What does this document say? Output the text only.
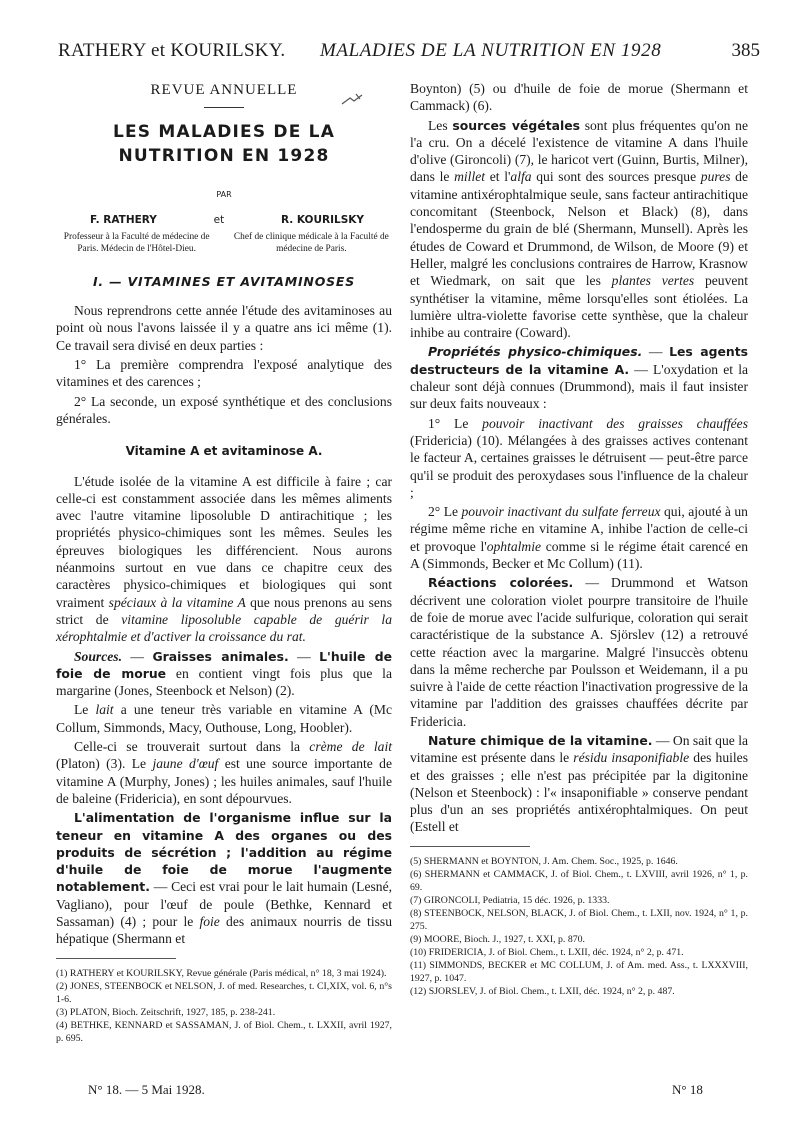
RATHERY et KOURILSKY. MALADIES DE LA NUTRITION EN 1928	385
REVUE ANNUELLE
LES MALADIES DE LA
NUTRITION EN 1928
PAR
F. RATHERY	et	R. KOURILSKY
Professeur à la Faculté de médecine de Paris. Médecin de l'Hôtel-Dieu.
Chef de clinique médicale à la Faculté de médecine de Paris.
I. — VITAMINES ET AVITAMINOSES

Nous reprendrons cette année l'étude des avitaminoses au point où nous l'avons laissée il y a quatre ans ici même (1). Ce travail sera divisé en deux parties :

1° La première comprendra l'exposé analytique des vitamines et des carences ;

2° La seconde, un exposé synthétique et des conclusions générales.

Vitamine A et avitaminose A.

L'étude isolée de la vitamine A est difficile à faire ; car celle-ci est constamment associée dans les mêmes aliments avec l'autre vitamine liposoluble D antirachitique ; les propriétés physico-chimiques sont les mêmes. Seules les épreuves biologiques les différencient. Nous aurons néanmoins surtout en vue dans ce chapitre ceux des caractères physico-chimiques et biologiques qui sont vraiment spéciaux à la vitamine A que nous prenons au sens strict de vitamine liposoluble capable de guérir la xérophtalmie et d'activer la croissance du rat.

Sources. — Graisses animales. — L'huile de foie de morue en contient vingt fois plus que la margarine (Jones, Steenbock et Nelson) (2).

Le lait a une teneur très variable en vitamine A (Mc Collum, Simmonds, Macy, Outhouse, Long, Hoobler).

Celle-ci se trouverait surtout dans la crème de lait (Platon) (3). Le jaune d'œuf est une source importante de vitamine A (Murphy, Jones) ; les huiles animales, sauf l'huile de baleine (Fridericia), en sont dépourvues.

L'alimentation de l'organisme influe sur la teneur en vitamine A des organes ou des produits de sécrétion ; l'addition au régime d'huile de foie de morue l'augmente notablement. — Ceci est vrai pour le lait humain (Lesné, Vagliano), pour l'œuf de poule (Bethke, Kennard et Sassaman) (4) ; pour le foie des animaux nourris de tissu hépatique (Shermann et

(1) RATHERY et KOURILSKY, Revue générale (Paris médical, n° 18, 3 mai 1924).

(2) JONES, STEENBOCK et NELSON, J. of med. Researches, t. CI,XIX, vol. 6, n°s 1-6.

(3) PLATON, Bioch. Zeitschrift, 1927, 185, p. 238-241.

(4) BETHKE, KENNARD et SASSAMAN, J. of Biol. Chem., t. LXXII, avril 1927, p. 695.

Boynton) (5) ou d'huile de foie de morue (Shermann et Cammack) (6).

Les sources végétales sont plus fréquentes qu'on ne l'a cru. On a décelé l'existence de vitamine A dans l'huile d'olive (Gironcoli) (7), le haricot vert (Guinn, Burtis, Milner), dans le millet et l'alfa qui sont des sources presque pures de vitamine antixérophtalmique seule, sans facteur antirachitique concomitant (Steenbock, Nelson et Black) (8), dans l'endosperme du grain de blé (Shermann, Munsell). Après les études de Coward et Drummond, de Wilson, de Moore (9) et Heller, malgré les conclusions contraires de Harrow, Krasnow et Wiedmark, on sait que les plantes vertes peuvent synthétiser la vitamine, même lorsqu'elles sont étiolées. La lumière ultra-violette favorise cette synthèse, que la chaleur inhibe au contraire (Coward).

Propriétés physico-chimiques. — Les agents destructeurs de la vitamine A. — L'oxydation et la chaleur sont déjà connues (Drummond), mais il faut insister sur deux faits nouveaux :

1° Le pouvoir inactivant des graisses chauffées (Fridericia) (10). Mélangées à des graisses actives contenant le facteur A, certaines graisses le détruisent — peut-être parce qu'il se produit des peroxydases sous l'influence de la chaleur ;

2° Le pouvoir inactivant du sulfate ferreux qui, ajouté à un régime même riche en vitamine A, inhibe l'action de celle-ci et provoque l'ophtalmie comme si le régime était carencé en A (Simmonds, Becker et Mc Collum) (11).

Réactions colorées. — Drummond et Watson décrivent une coloration violet pourpre transitoire de l'huile de foie de morue avec l'acide sulfurique, coloration qui serait caractéristique de la substance A. Sjörslev (12) a retrouvé cette réaction avec la margarine. Malgré l'insuccès obtenu dans la même recherche par Poulsson et Weidemann, il a pu suivre à l'aide de cette réaction l'inactivation progressive de la vitamine par l'addition des graisses chauffées décrite par Fridericia.

Nature chimique de la vitamine. — On sait que la vitamine est présente dans le résidu insaponifiable des huiles et des graisses ; elle n'est pas précipitée par la digitonine (Nelson et Steenbock) : l'« insaponifiable » conserve pendant plus d'un an ses propriétés antixérophtalmiques. On peut (Estell et

(5) SHERMANN et BOYNTON, J. Am. Chem. Soc., 1925, p. 1646.

(6) SHERMANN et CAMMACK, J. of Biol. Chem., t. LXVIII, avril 1926, n° 1, p. 69.

(7) GIRONCOLI, Pediatria, 15 déc. 1926, p. 1333.

(8) STEENBOCK, NELSON, BLACK, J. of Biol. Chem., t. LXII, nov. 1924, n° 1, p. 275.

(9) MOORE, Bioch. J., 1927, t. XXI, p. 870.

(10) FRIDERICIA, J. of Biol. Chem., t. LXII, déc. 1924, n° 2, p. 471.

(11) SIMMONDS, BECKER et MC COLLUM, J. of Am. med. Ass., t. LXXXVIII, 1927, p. 1047.

(12) SJORSLEV, J. of Biol. Chem., t. LXII, déc. 1924, n° 2, p. 487.

N° 18. — 5 Mai 1928.	N° 18
